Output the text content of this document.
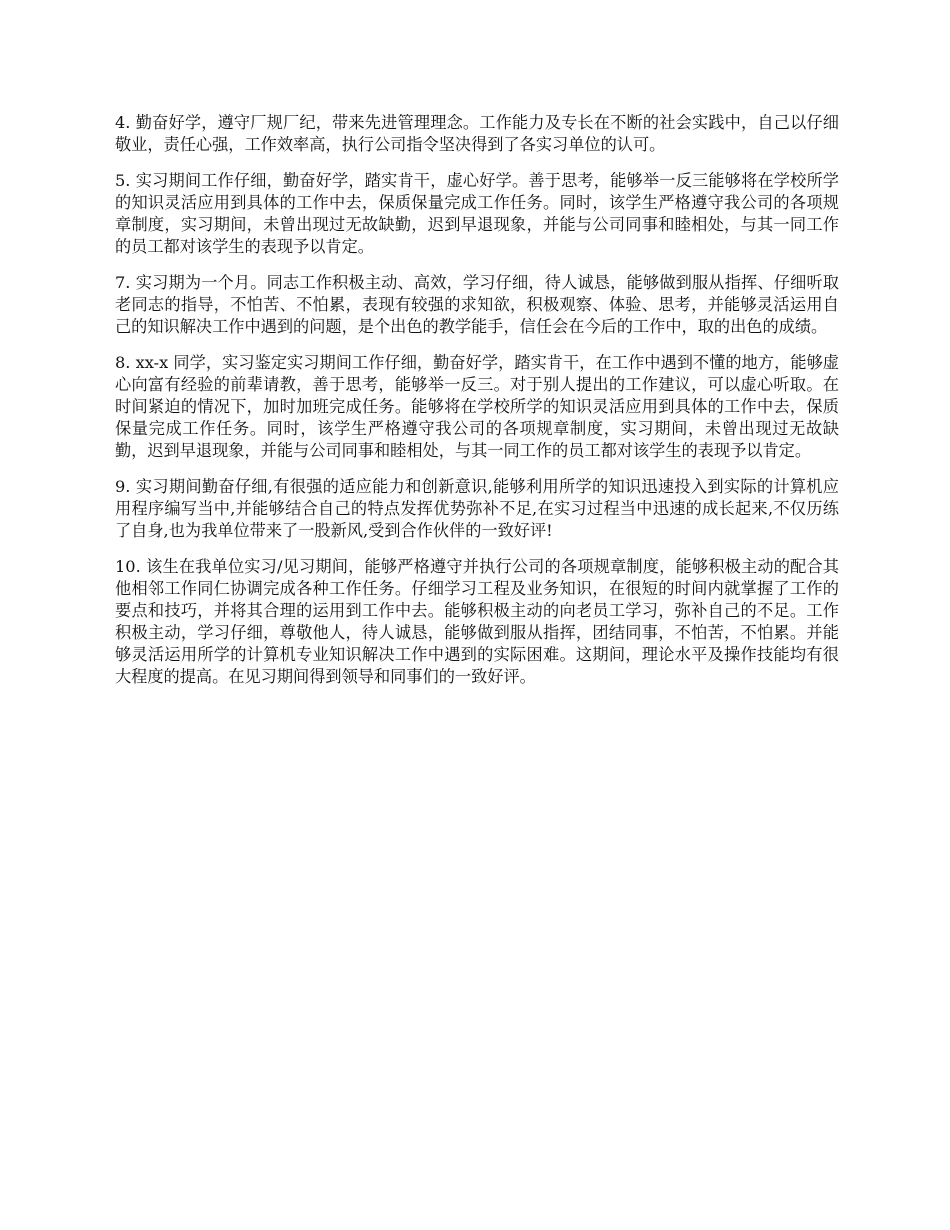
4. 勤奋好学，遵守厂规厂纪，带来先进管理理念。工作能力及专长在不断的社会实践中，自己以仔细敬业，责任心强，工作效率高，执行公司指令坚决得到了各实习单位的认可。

5. 实习期间工作仔细，勤奋好学，踏实肯干，虚心好学。善于思考，能够举一反三能够将在学校所学的知识灵活应用到具体的工作中去，保质保量完成工作任务。同时，该学生严格遵守我公司的各项规章制度，实习期间，未曾出现过无故缺勤，迟到早退现象，并能与公司同事和睦相处，与其一同工作的员工都对该学生的表现予以肯定。

7. 实习期为一个月。同志工作积极主动、高效，学习仔细，待人诚恳，能够做到服从指挥、仔细听取老同志的指导，不怕苦、不怕累，表现有较强的求知欲，积极观察、体验、思考，并能够灵活运用自己的知识解决工作中遇到的问题，是个出色的教学能手，信任会在今后的工作中，取的出色的成绩。

8. xx-x 同学，实习鉴定实习期间工作仔细，勤奋好学，踏实肯干，在工作中遇到不懂的地方，能够虚心向富有经验的前辈请教，善于思考，能够举一反三。对于别人提出的工作建议，可以虚心听取。在时间紧迫的情况下，加时加班完成任务。能够将在学校所学的知识灵活应用到具体的工作中去，保质保量完成工作任务。同时，该学生严格遵守我公司的各项规章制度，实习期间，未曾出现过无故缺勤，迟到早退现象，并能与公司同事和睦相处，与其一同工作的员工都对该学生的表现予以肯定。

9. 实习期间勤奋仔细,有很强的适应能力和创新意识,能够利用所学的知识迅速投入到实际的计算机应用程序编写当中,并能够结合自己的特点发挥优势弥补不足,在实习过程当中迅速的成长起来,不仅历练了自身,也为我单位带来了一股新风,受到合作伙伴的一致好评!

10. 该生在我单位实习/见习期间，能够严格遵守并执行公司的各项规章制度，能够积极主动的配合其他相邻工作同仁协调完成各种工作任务。仔细学习工程及业务知识，在很短的时间内就掌握了工作的要点和技巧，并将其合理的运用到工作中去。能够积极主动的向老员工学习，弥补自己的不足。工作积极主动，学习仔细，尊敬他人，待人诚恳，能够做到服从指挥，团结同事，不怕苦，不怕累。并能够灵活运用所学的计算机专业知识解决工作中遇到的实际困难。这期间，理论水平及操作技能均有很大程度的提高。在见习期间得到领导和同事们的一致好评。
